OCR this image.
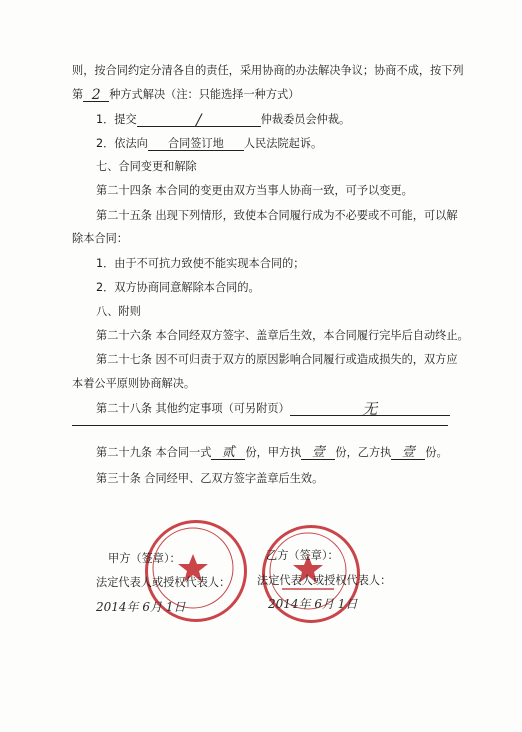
则，按合同约定分清各自的责任，采用协商的办法解决争议；协商不成，按下列
第 2 种方式解决（注：只能选择一种方式）
1．提交	/	仲裁委员会仲裁。
2．依法向 合同签订地 人民法院起诉。
七、合同变更和解除
第二十四条 本合同的变更由双方当事人协商一致，可予以变更。
第二十五条 出现下列情形，致使本合同履行成为不必要或不可能，可以解
除本合同：
1．由于不可抗力致使不能实现本合同的；
2．双方协商同意解除本合同的。
八、附则
第二十六条 本合同经双方签字、盖章后生效，本合同履行完毕后自动终止。
第二十七条 因不可归责于双方的原因影响合同履行或造成损失的，双方应
本着公平原则协商解决。
第二十八条 其他约定事项（可另附页）	无
第二十九条 本合同一式 贰 份，甲方执 壹 份，乙方执 壹 份。
第三十条 合同经甲、乙双方签字盖章后生效。
甲方（签章）：
法定代表人或授权代表人：
2014年 6月 1日
乙方（签章）：
法定代表人或授权代表人：
2014年 6月 1日
